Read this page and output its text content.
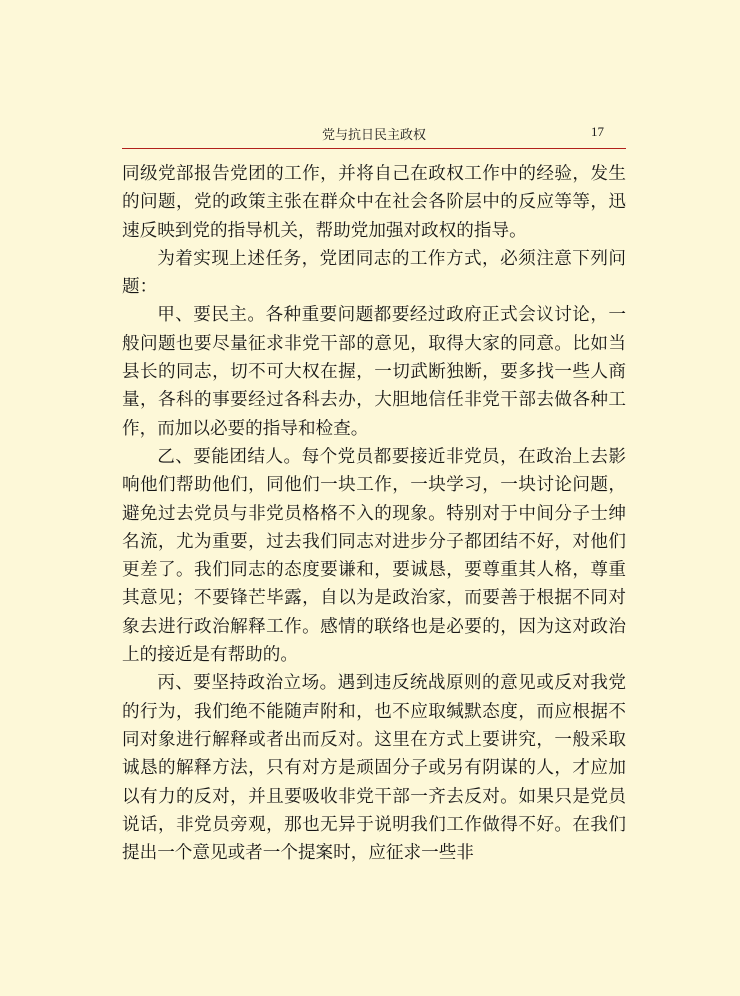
党与抗日民主政权	17

同级党部报告党团的工作，并将自己在政权工作中的经验，发生的问题，党的政策主张在群众中在社会各阶层中的反应等等，迅速反映到党的指导机关，帮助党加强对政权的指导。

为着实现上述任务，党团同志的工作方式，必须注意下列问题：

甲、要民主。各种重要问题都要经过政府正式会议讨论，一般问题也要尽量征求非党干部的意见，取得大家的同意。比如当县长的同志，切不可大权在握，一切武断独断，要多找一些人商量，各科的事要经过各科去办，大胆地信任非党干部去做各种工作，而加以必要的指导和检查。

乙、要能团结人。每个党员都要接近非党员，在政治上去影响他们帮助他们，同他们一块工作，一块学习，一块讨论问题，避免过去党员与非党员格格不入的现象。特别对于中间分子士绅名流，尤为重要，过去我们同志对进步分子都团结不好，对他们更差了。我们同志的态度要谦和，要诚恳，要尊重其人格，尊重其意见；不要锋芒毕露，自以为是政治家，而要善于根据不同对象去进行政治解释工作。感情的联络也是必要的，因为这对政治上的接近是有帮助的。

丙、要坚持政治立场。遇到违反统战原则的意见或反对我党的行为，我们绝不能随声附和，也不应取缄默态度，而应根据不同对象进行解释或者出而反对。这里在方式上要讲究，一般采取诚恳的解释方法，只有对方是顽固分子或另有阴谋的人，才应加以有力的反对，并且要吸收非党干部一齐去反对。如果只是党员说话，非党员旁观，那也无异于说明我们工作做得不好。在我们提出一个意见或者一个提案时，应征求一些非
